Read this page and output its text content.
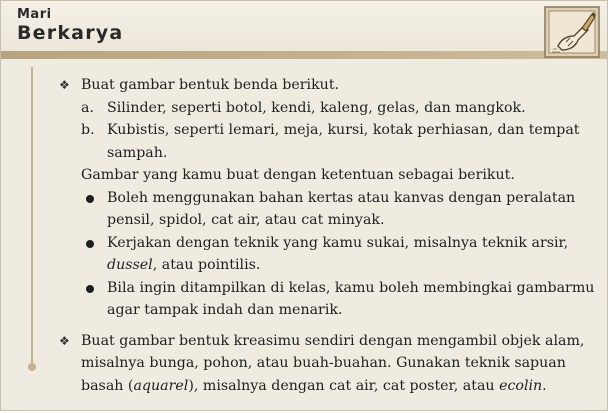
Mari
Berkarya
❖ Buat gambar bentuk benda berikut.
a. Silinder, seperti botol, kendi, kaleng, gelas, dan mangkok.
b. Kubistis, seperti lemari, meja, kursi, kotak perhiasan, dan tempat sampah.
Gambar yang kamu buat dengan ketentuan sebagai berikut.
Boleh menggunakan bahan kertas atau kanvas dengan peralatan pensil, spidol, cat air, atau cat minyak.
Kerjakan dengan teknik yang kamu sukai, misalnya teknik arsir, dussel, atau pointilis.
Bila ingin ditampilkan di kelas, kamu boleh membingkai gambarmu agar tampak indah dan menarik.
❖ Buat gambar bentuk kreasimu sendiri dengan mengambil objek alam, misalnya bunga, pohon, atau buah-buahan. Gunakan teknik sapuan basah (aquarel), misalnya dengan cat air, cat poster, atau ecolin.
